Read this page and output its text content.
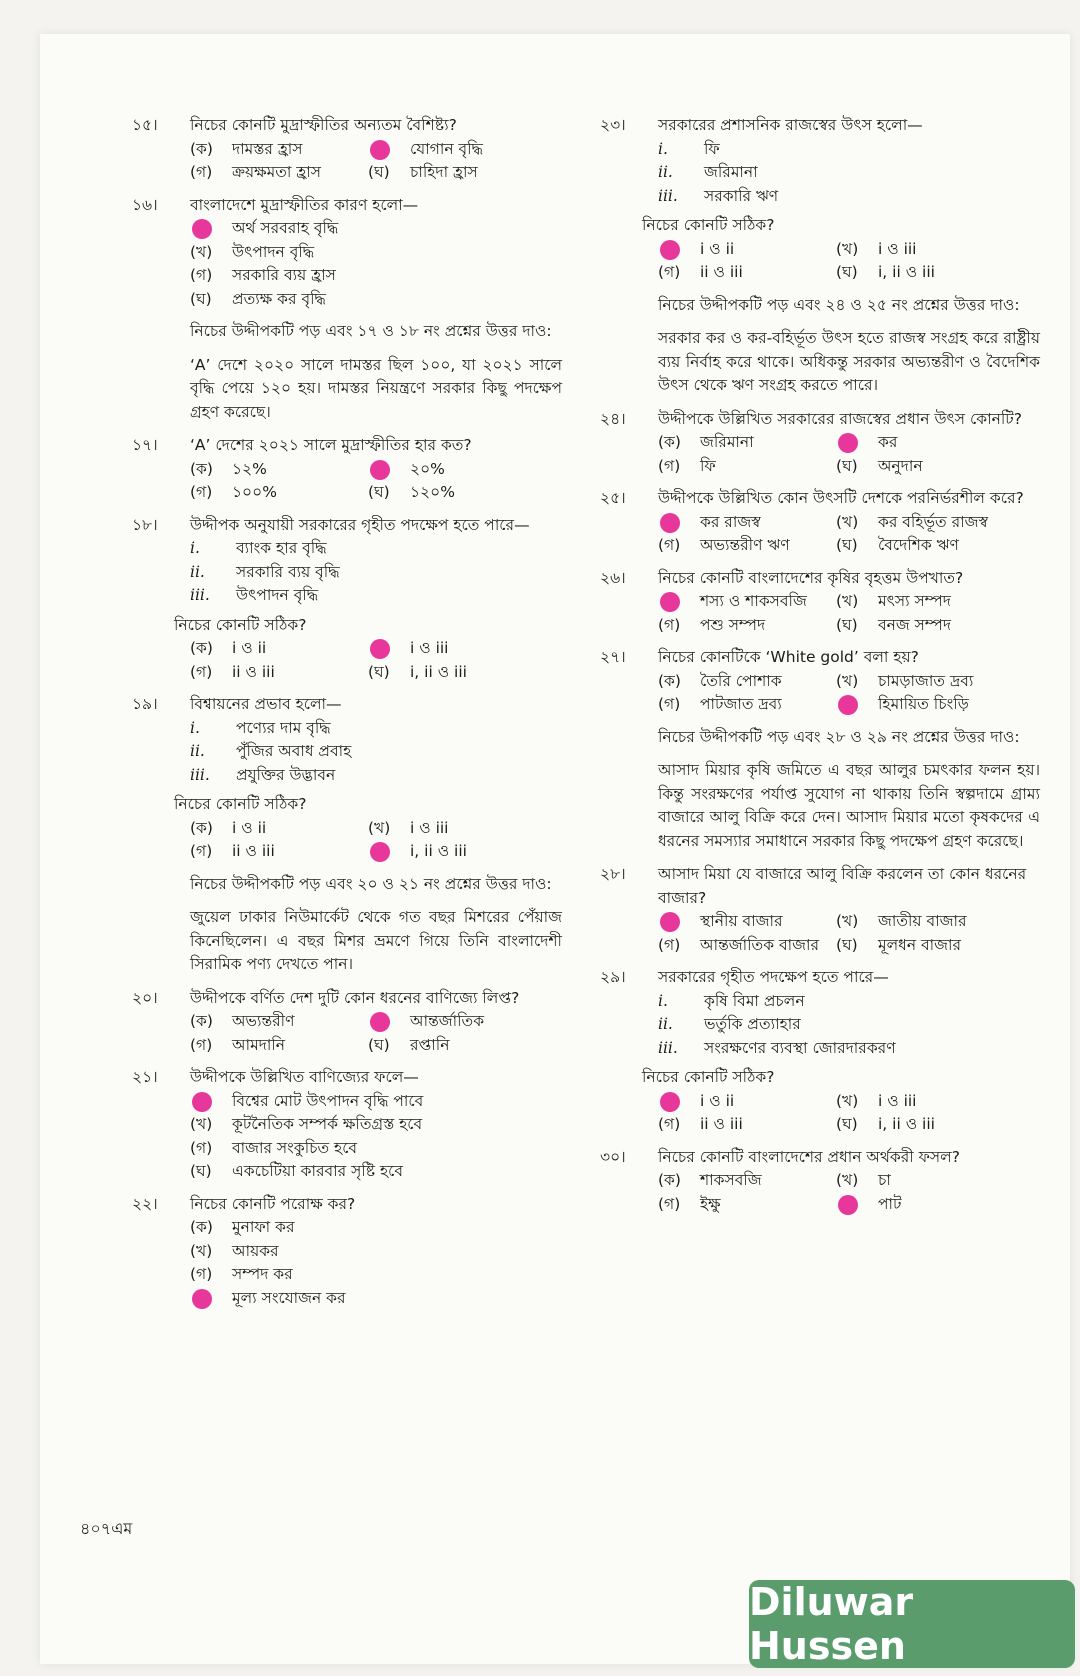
১৫।	নিচের কোনটি মুদ্রাস্ফীতির অন্যতম বৈশিষ্ট্য?
(ক)	দামস্তর হ্রাস	যোগান বৃদ্ধি
(গ)	ক্রয়ক্ষমতা হ্রাস	(ঘ)	চাহিদা হ্রাস
১৬।	বাংলাদেশে মুদ্রাস্ফীতির কারণ হলো—
অর্থ সরবরাহ বৃদ্ধি
(খ)	উৎপাদন বৃদ্ধি
(গ)	সরকারি ব্যয় হ্রাস
(ঘ)	প্রত্যক্ষ কর বৃদ্ধি
নিচের উদ্দীপকটি পড় এবং ১৭ ও ১৮ নং প্রশ্নের উত্তর দাও:
‘A’ দেশে ২০২০ সালে দামস্তর ছিল ১০০, যা ২০২১ সালে বৃদ্ধি পেয়ে ১২০ হয়। দামস্তর নিয়ন্ত্রণে সরকার কিছু পদক্ষেপ গ্রহণ করেছে।
১৭।	‘A’ দেশের ২০২১ সালে মুদ্রাস্ফীতির হার কত?
(ক)	১২%	২০%
(গ)	১০০%	(ঘ)	১২০%
১৮।	উদ্দীপক অনুযায়ী সরকারের গৃহীত পদক্ষেপ হতে পারে—
i. ব্যাংক হার বৃদ্ধি
ii. সরকারি ব্যয় বৃদ্ধি
iii. উৎপাদন বৃদ্ধি
নিচের কোনটি সঠিক?
(ক)	i ও ii	i ও iii
(গ)	ii ও iii	(ঘ)	i, ii ও iii
১৯।	বিশ্বায়নের প্রভাব হলো—
i. পণ্যের দাম বৃদ্ধি
ii. পুঁজির অবাধ প্রবাহ
iii. প্রযুক্তির উদ্ভাবন
নিচের কোনটি সঠিক?
(ক)	i ও ii	(খ)	i ও iii
(গ)	ii ও iii	i, ii ও iii
নিচের উদ্দীপকটি পড় এবং ২০ ও ২১ নং প্রশ্নের উত্তর দাও:
জুয়েল ঢাকার নিউমার্কেট থেকে গত বছর মিশরের পেঁয়াজ কিনেছিলেন। এ বছর মিশর ভ্রমণে গিয়ে তিনি বাংলাদেশী সিরামিক পণ্য দেখতে পান।
২০।	উদ্দীপকে বর্ণিত দেশ দুটি কোন ধরনের বাণিজ্যে লিপ্ত?
(ক)	অভ্যন্তরীণ	আন্তর্জাতিক
(গ)	আমদানি	(ঘ)	রপ্তানি
২১।	উদ্দীপকে উল্লিখিত বাণিজ্যের ফলে—
বিশ্বের মোট উৎপাদন বৃদ্ধি পাবে
(খ)	কূটনৈতিক সম্পর্ক ক্ষতিগ্রস্ত হবে
(গ)	বাজার সংকুচিত হবে
(ঘ)	একচেটিয়া কারবার সৃষ্টি হবে
২২।	নিচের কোনটি পরোক্ষ কর?
(ক)	মুনাফা কর
(খ)	আয়কর
(গ)	সম্পদ কর
মূল্য সংযোজন কর
২৩।	সরকারের প্রশাসনিক রাজস্বের উৎস হলো—
i. ফি
ii. জরিমানা
iii. সরকারি ঋণ
নিচের কোনটি সঠিক?
i ও ii	(খ)	i ও iii
(গ)	ii ও iii	(ঘ)	i, ii ও iii
নিচের উদ্দীপকটি পড় এবং ২৪ ও ২৫ নং প্রশ্নের উত্তর দাও:
সরকার কর ও কর-বহির্ভূত উৎস হতে রাজস্ব সংগ্রহ করে রাষ্ট্রীয় ব্যয় নির্বাহ করে থাকে। অধিকন্তু সরকার অভ্যন্তরীণ ও বৈদেশিক উৎস থেকে ঋণ সংগ্রহ করতে পারে।
২৪।	উদ্দীপকে উল্লিখিত সরকারের রাজস্বের প্রধান উৎস কোনটি?
(ক)	জরিমানা	কর
(গ)	ফি	(ঘ)	অনুদান
২৫।	উদ্দীপকে উল্লিখিত কোন উৎসটি দেশকে পরনির্ভরশীল করে?
কর রাজস্ব	(খ)	কর বহির্ভূত রাজস্ব
(গ)	অভ্যন্তরীণ ঋণ	(ঘ)	বৈদেশিক ঋণ
২৬।	নিচের কোনটি বাংলাদেশের কৃষির বৃহত্তম উপখাত?
শস্য ও শাকসবজি	(খ)	মৎস্য সম্পদ
(গ)	পশু সম্পদ	(ঘ)	বনজ সম্পদ
২৭।	নিচের কোনটিকে ‘White gold’ বলা হয়?
(ক)	তৈরি পোশাক	(খ)	চামড়াজাত দ্রব্য
(গ)	পাটজাত দ্রব্য	হিমায়িত চিংড়ি
নিচের উদ্দীপকটি পড় এবং ২৮ ও ২৯ নং প্রশ্নের উত্তর দাও:
আসাদ মিয়ার কৃষি জমিতে এ বছর আলুর চমৎকার ফলন হয়। কিন্তু সংরক্ষণের পর্যাপ্ত সুযোগ না থাকায় তিনি স্বল্পদামে গ্রাম্য বাজারে আলু বিক্রি করে দেন। আসাদ মিয়ার মতো কৃষকদের এ ধরনের সমস্যার সমাধানে সরকার কিছু পদক্ষেপ গ্রহণ করেছে।
২৮।	আসাদ মিয়া যে বাজারে আলু বিক্রি করলেন তা কোন ধরনের বাজার?
স্থানীয় বাজার	(খ)	জাতীয় বাজার
(গ)	আন্তর্জাতিক বাজার	(ঘ)	মূলধন বাজার
২৯।	সরকারের গৃহীত পদক্ষেপ হতে পারে—
i. কৃষি বিমা প্রচলন
ii. ভর্তুকি প্রত্যাহার
iii. সংরক্ষণের ব্যবস্থা জোরদারকরণ
নিচের কোনটি সঠিক?
i ও ii	(খ)	i ও iii
(গ)	ii ও iii	(ঘ)	i, ii ও iii
৩০।	নিচের কোনটি বাংলাদেশের প্রধান অর্থকরী ফসল?
(ক)	শাকসবজি	(খ)	চা
(গ)	ইক্ষু	পাট
৪০৭এম
Diluwar Hussen
